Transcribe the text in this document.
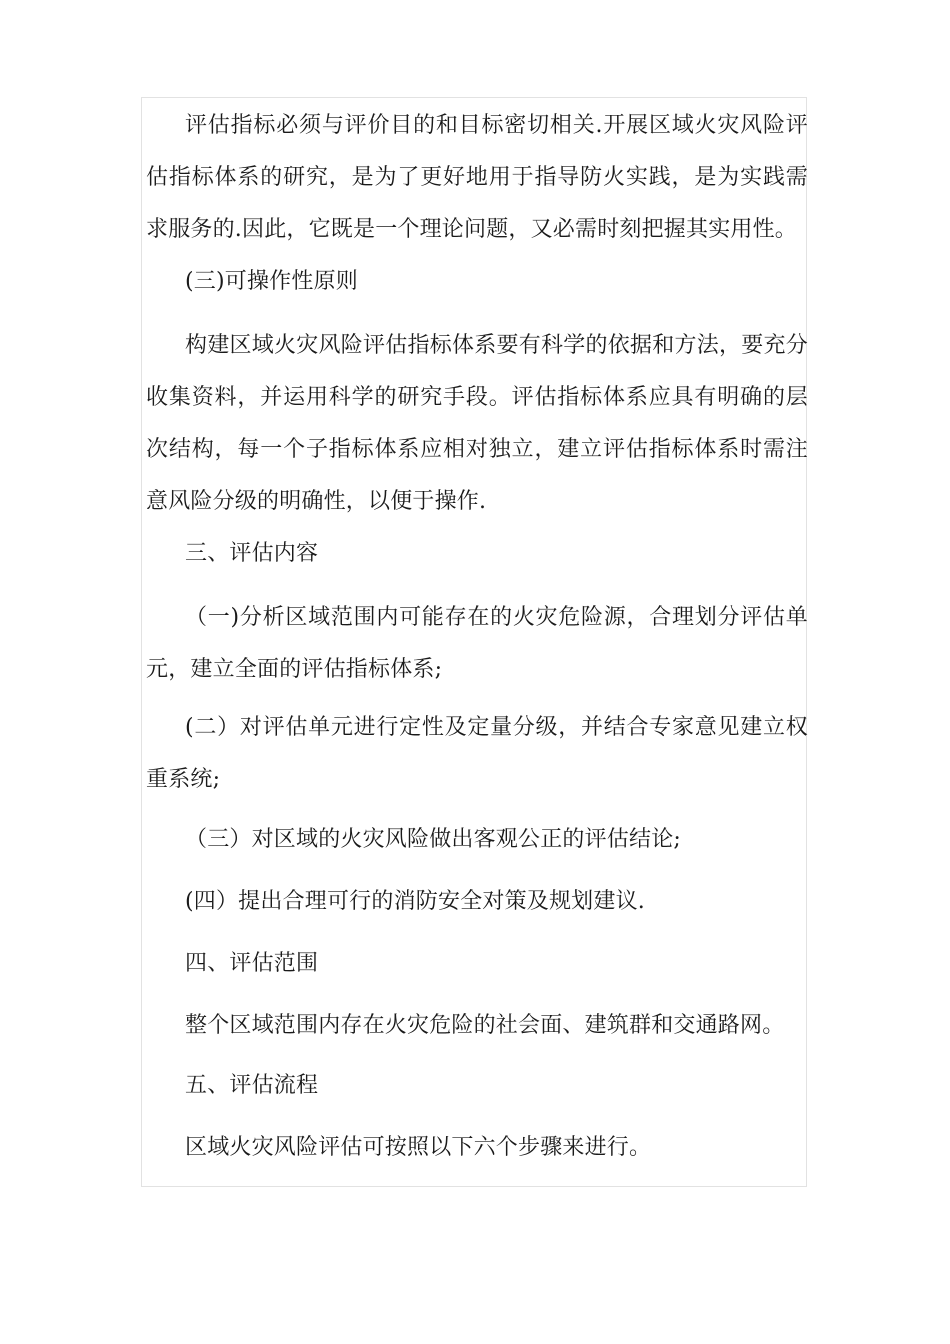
评估指标必须与评价目的和目标密切相关.开展区域火灾风险评估指标体系的研究，是为了更好地用于指导防火实践，是为实践需求服务的.因此，它既是一个理论问题，又必需时刻把握其实用性。

(三)可操作性原则

构建区域火灾风险评估指标体系要有科学的依据和方法，要充分收集资料，并运用科学的研究手段。评估指标体系应具有明确的层次结构，每一个子指标体系应相对独立，建立评估指标体系时需注意风险分级的明确性，以便于操作.

三、评估内容

（一)分析区域范围内可能存在的火灾危险源，合理划分评估单元，建立全面的评估指标体系;

(二）对评估单元进行定性及定量分级，并结合专家意见建立权重系统;

（三）对区域的火灾风险做出客观公正的评估结论;

(四）提出合理可行的消防安全对策及规划建议.

四、评估范围

整个区域范围内存在火灾危险的社会面、建筑群和交通路网。

五、评估流程

区域火灾风险评估可按照以下六个步骤来进行。
